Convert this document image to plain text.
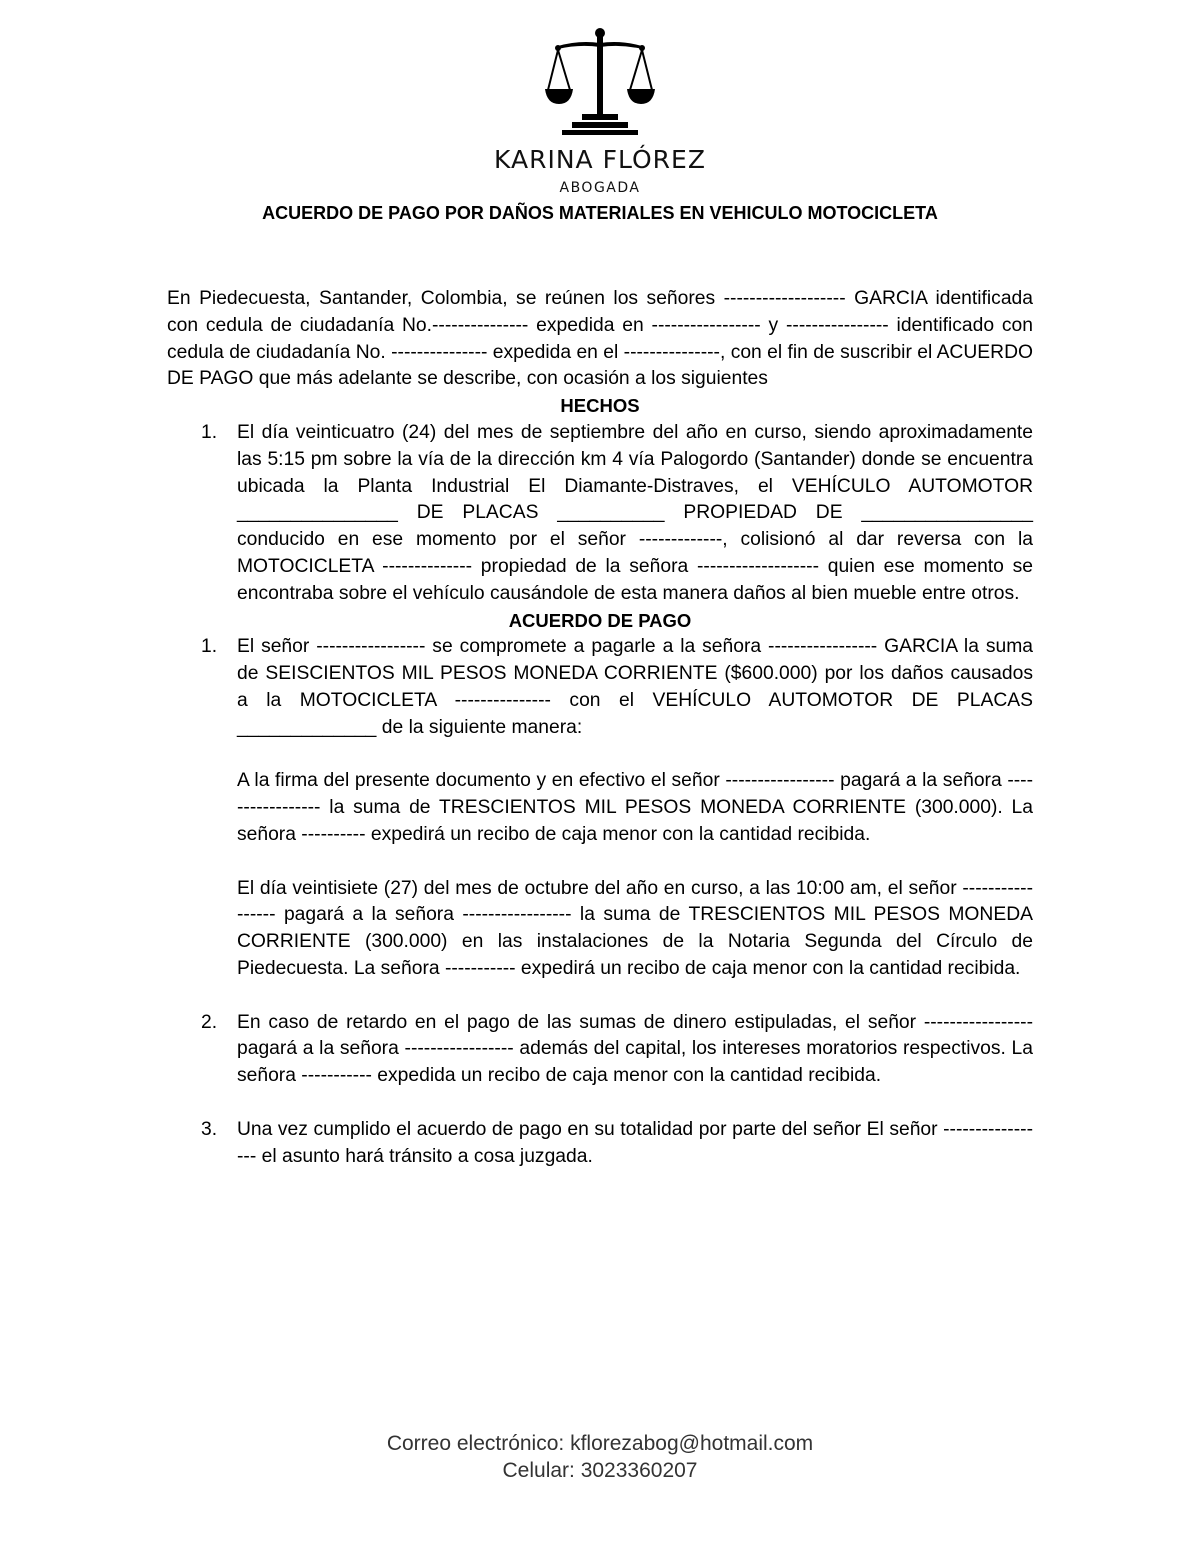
KARINA FLÓREZ
ABOGADA
ACUERDO DE PAGO POR DAÑOS MATERIALES EN VEHICULO MOTOCICLETA

En Piedecuesta, Santander, Colombia, se reúnen los señores ------------------- GARCIA identificada con cedula de ciudadanía No.--------------- expedida en ----------------- y ---------------- identificado con cedula de ciudadanía No. --------------- expedida en el ---------------, con el fin de suscribir el ACUERDO DE PAGO que más adelante se describe, con ocasión a los siguientes

HECHOS

1. El día veinticuatro (24) del mes de septiembre del año en curso, siendo aproximadamente las 5:15 pm sobre la vía de la dirección km 4 vía Palogordo (Santander) donde se encuentra ubicada la Planta Industrial El Diamante-Distraves, el VEHÍCULO AUTOMOTOR _______________ DE PLACAS __________ PROPIEDAD DE ________________ conducido en ese momento por el señor -------------, colisionó al dar reversa con la MOTOCICLETA -------------- propiedad de la señora ------------------- quien ese momento se encontraba sobre el vehículo causándole de esta manera daños al bien mueble entre otros.

ACUERDO DE PAGO

1. El señor ----------------- se compromete a pagarle a la señora ----------------- GARCIA la suma de SEISCIENTOS MIL PESOS MONEDA CORRIENTE ($600.000) por los daños causados a la MOTOCICLETA --------------- con el VEHÍCULO AUTOMOTOR DE PLACAS _____________ de la siguiente manera:

A la firma del presente documento y en efectivo el señor ----------------- pagará a la señora ----------------- la suma de TRESCIENTOS MIL PESOS MONEDA CORRIENTE (300.000). La señora ---------- expedirá un recibo de caja menor con la cantidad recibida.

El día veintisiete (27) del mes de octubre del año en curso, a las 10:00 am, el señor ----------------- pagará a la señora ----------------- la suma de TRESCIENTOS MIL PESOS MONEDA CORRIENTE (300.000) en las instalaciones de la Notaria Segunda del Círculo de Piedecuesta. La señora ----------- expedirá un recibo de caja menor con la cantidad recibida.

2. En caso de retardo en el pago de las sumas de dinero estipuladas, el señor ----------------- pagará a la señora ----------------- además del capital, los intereses moratorios respectivos. La señora ----------- expedida un recibo de caja menor con la cantidad recibida.

3. Una vez cumplido el acuerdo de pago en su totalidad por parte del señor El señor ----------------- el asunto hará tránsito a cosa juzgada.

Correo electrónico: kflorezabog@hotmail.com
Celular: 3023360207
